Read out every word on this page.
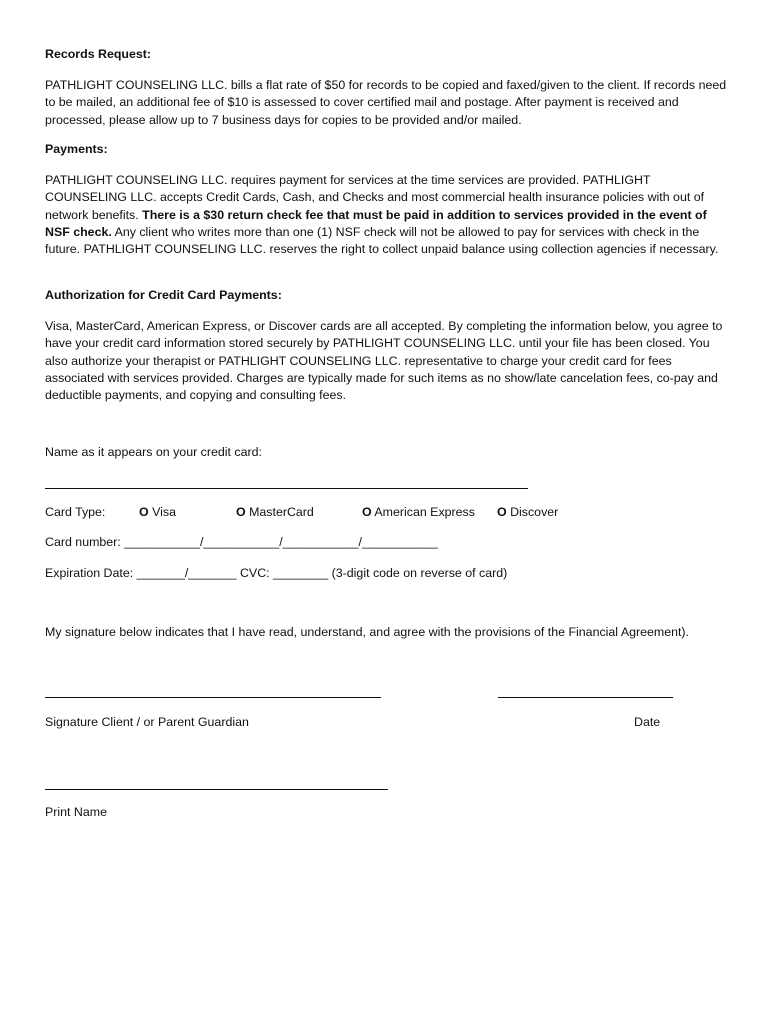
Records Request:

PATHLIGHT COUNSELING LLC. bills a flat rate of $50 for records to be copied and faxed/given to the client. If records need to be mailed, an additional fee of $10 is assessed to cover certified mail and postage. After payment is received and processed, please allow up to 7 business days for copies to be provided and/or mailed.

Payments:

PATHLIGHT COUNSELING LLC. requires payment for services at the time services are provided. PATHLIGHT COUNSELING LLC. accepts Credit Cards, Cash, and Checks and most commercial health insurance policies with out of network benefits. There is a $30 return check fee that must be paid in addition to services provided in the event of NSF check. Any client who writes more than one (1) NSF check will not be allowed to pay for services with check in the future. PATHLIGHT COUNSELING LLC. reserves the right to collect unpaid balance using collection agencies if necessary.

Authorization for Credit Card Payments:

Visa, MasterCard, American Express, or Discover cards are all accepted. By completing the information below, you agree to have your credit card information stored securely by PATHLIGHT COUNSELING LLC. until your file has been closed. You also authorize your therapist or PATHLIGHT COUNSELING LLC. representative to charge your credit card for fees associated with services provided. Charges are typically made for such items as no show/late cancelation fees, co-pay and deductible payments, and copying and consulting fees.

Name as it appears on your credit card:
Card Type:	O Visa	O MasterCard	O American Express O Discover
Card number: ___________/___________/___________/___________
Expiration Date: _______/_______ CVC: ________ (3-digit code on reverse of card)
My signature below indicates that I have read, understand, and agree with the provisions of the Financial Agreement).
Signature Client / or Parent Guardian	Date
Print Name
